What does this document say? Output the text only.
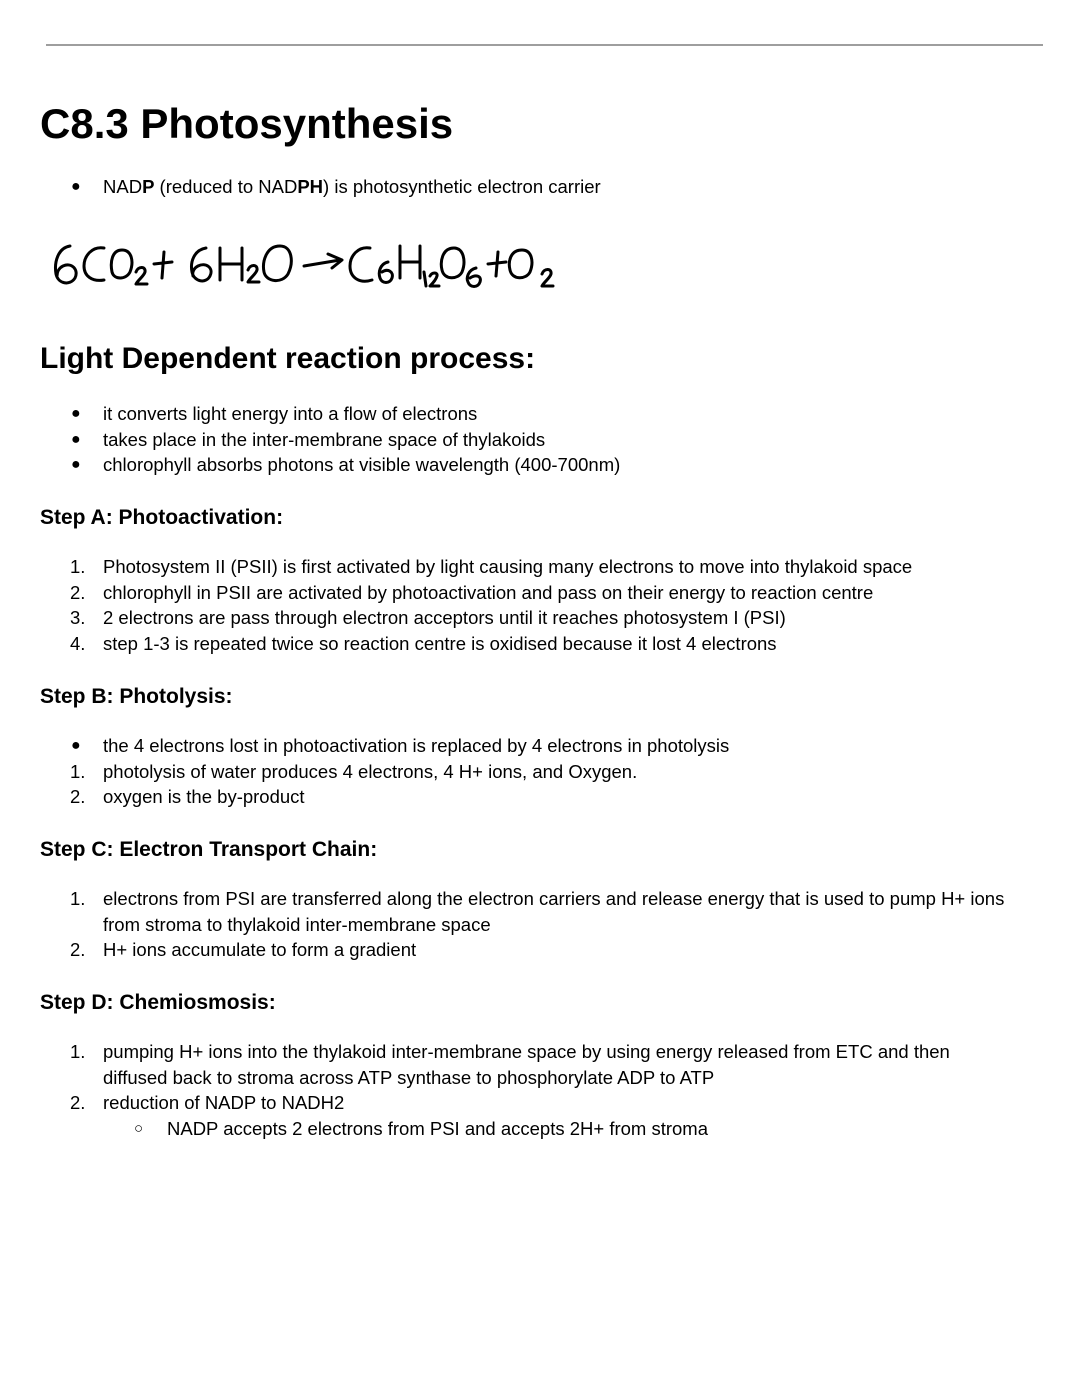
C8.3 Photosynthesis
●	NADP (reduced to NADPH) is photosynthetic electron carrier
Light Dependent reaction process:
●	it converts light energy into a flow of electrons
●	takes place in the inter-membrane space of thylakoids
●	chlorophyll absorbs photons at visible wavelength (400-700nm)
Step A: Photoactivation:
1. Photosystem II (PSII) is first activated by light causing many electrons to move into thylakoid space
2. chlorophyll in PSII are activated by photoactivation and pass on their energy to reaction centre
3. 2 electrons are pass through electron acceptors until it reaches photosystem I (PSI)
4. step 1-3 is repeated twice so reaction centre is oxidised because it lost 4 electrons
Step B: Photolysis:
●	the 4 electrons lost in photoactivation is replaced by 4 electrons in photolysis
1. photolysis of water produces 4 electrons, 4 H+ ions, and Oxygen.
2. oxygen is the by-product
Step C: Electron Transport Chain:
1. electrons from PSI are transferred along the electron carriers and release energy that is used to pump H+ ions from stroma to thylakoid inter-membrane space
2. H+ ions accumulate to form a gradient
Step D: Chemiosmosis:
1. pumping H+ ions into the thylakoid inter-membrane space by using energy released from ETC and then diffused back to stroma across ATP synthase to phosphorylate ADP to ATP
2. reduction of NADP to NADH2
○	NADP accepts 2 electrons from PSI and accepts 2H+ from stroma
